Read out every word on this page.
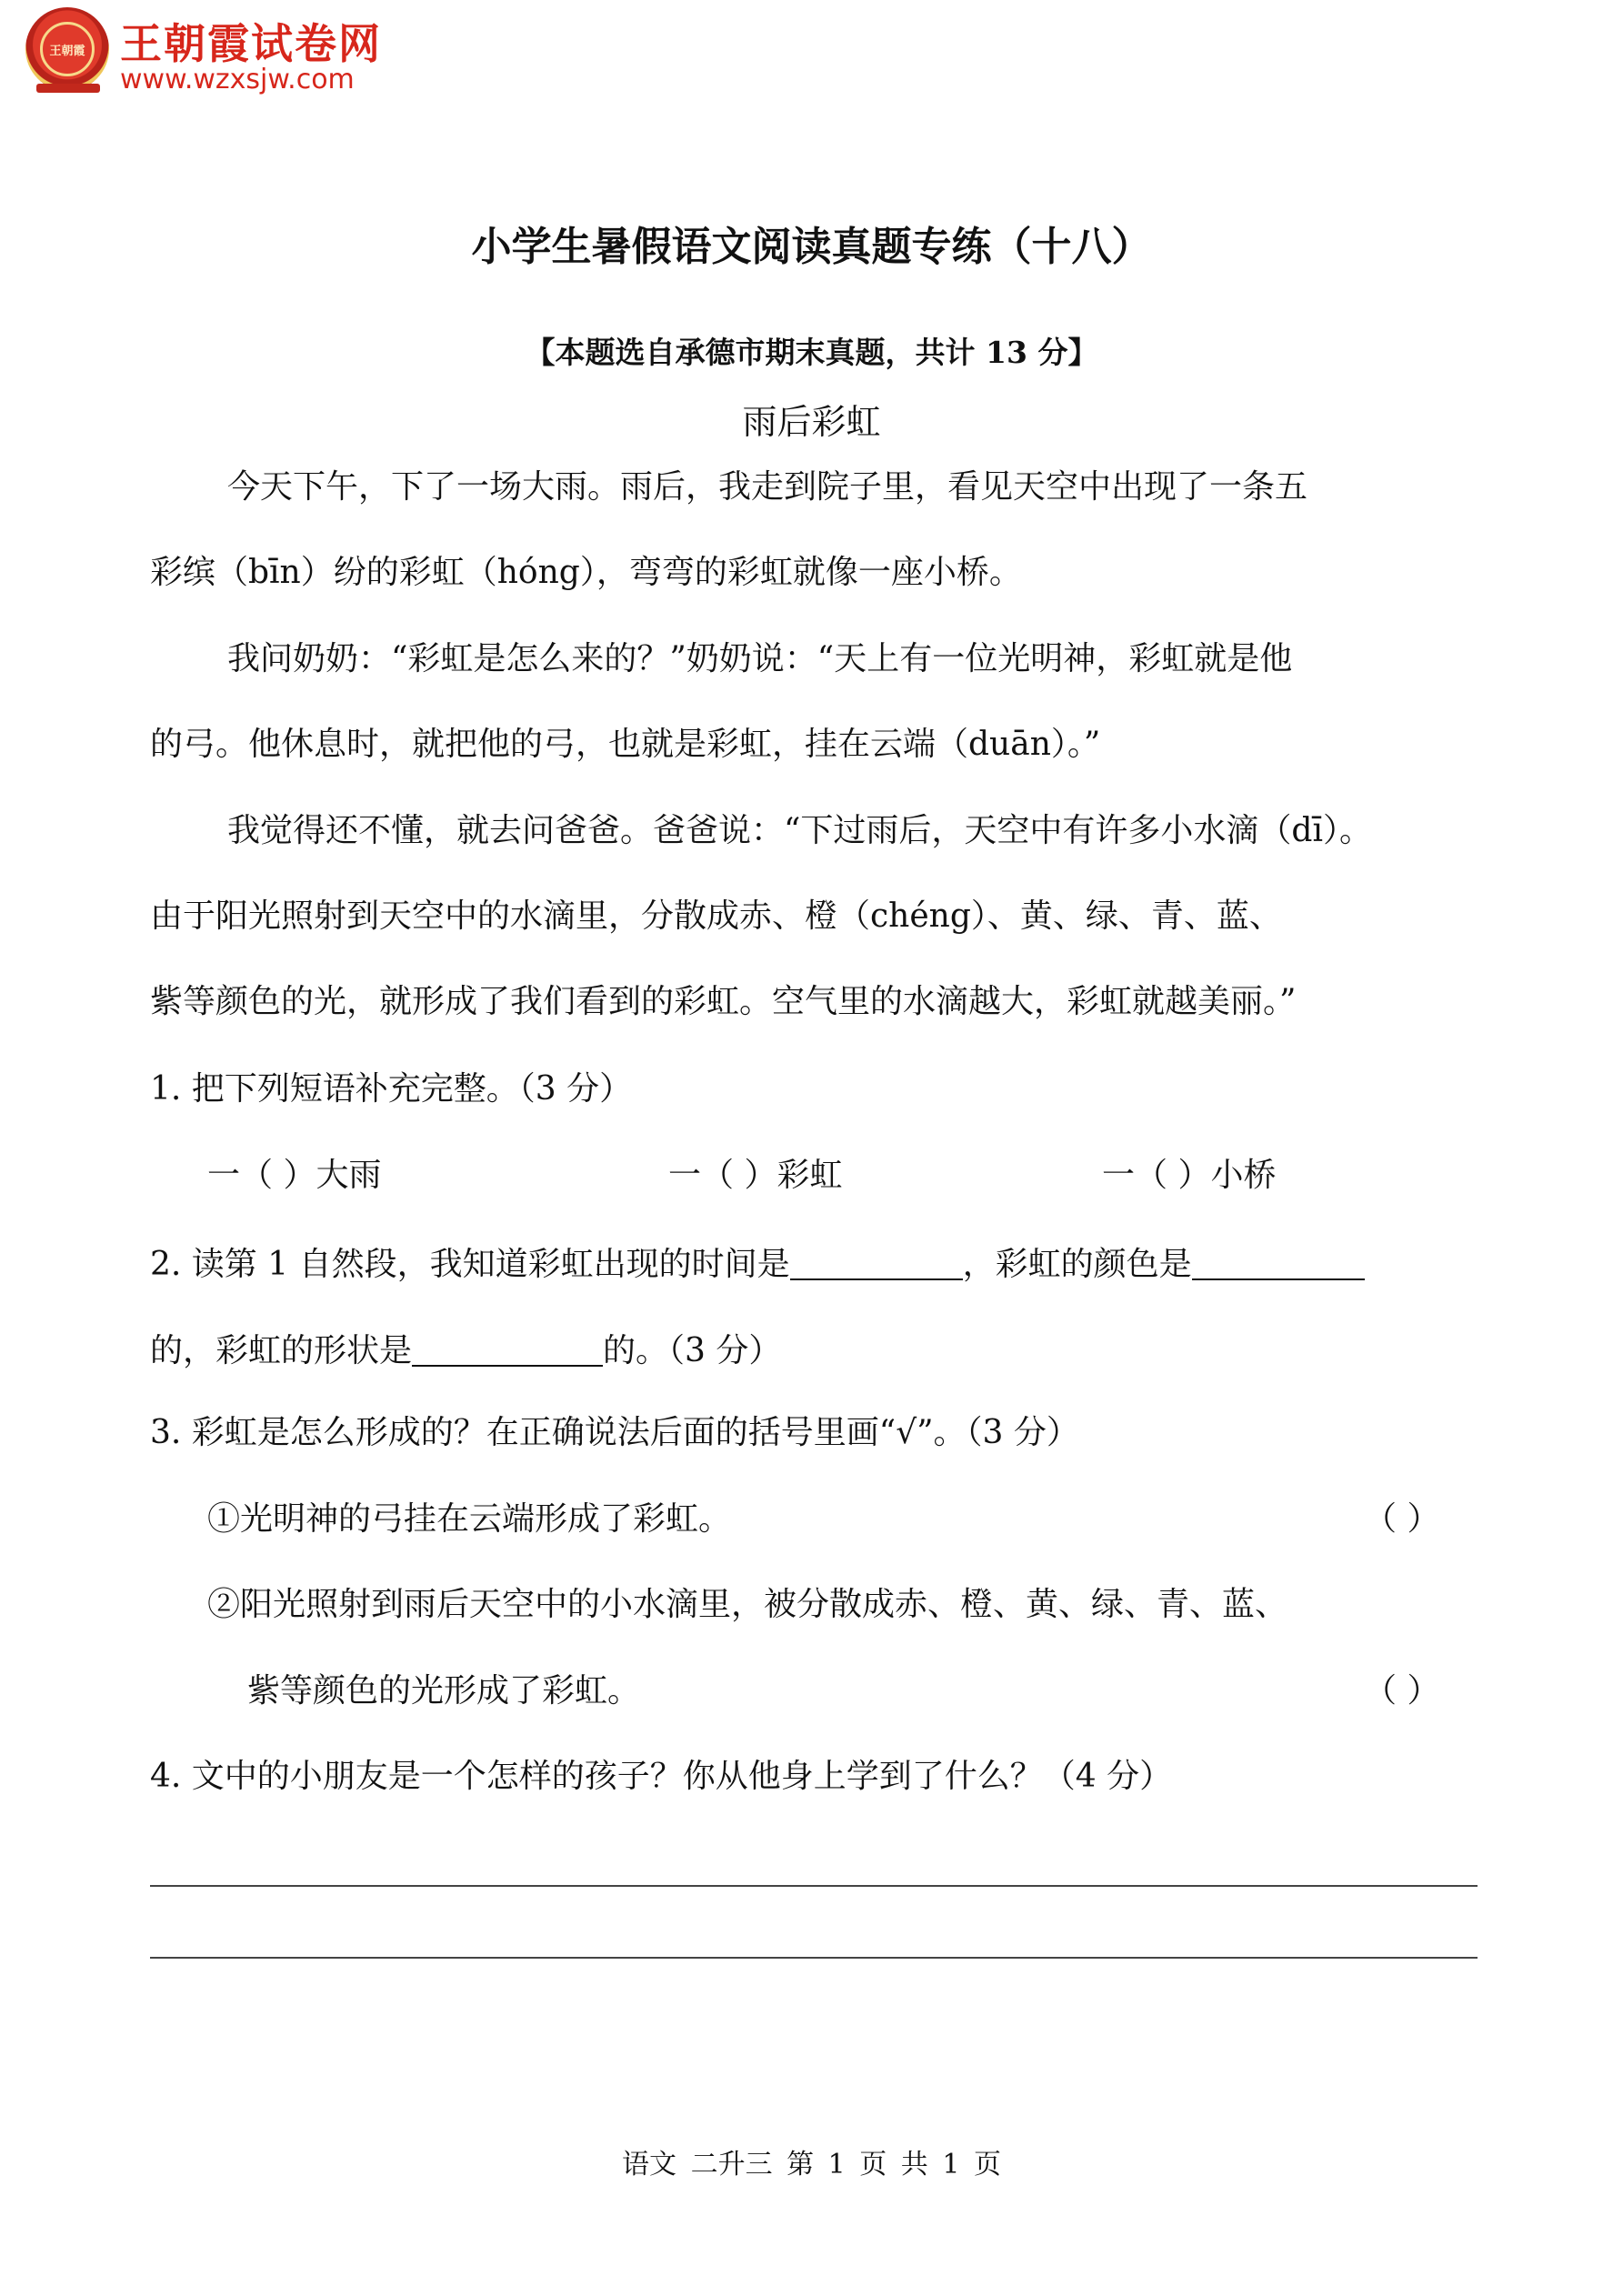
王朝霞 王朝霞试卷网
www.wzxsjw.com
小学生暑假语文阅读真题专练（十八）
【本题选自承德市期末真题，共计 13 分】
雨后彩虹
今天下午，下了一场大雨。雨后，我走到院子里，看见天空中出现了一条五
彩缤（bīn）纷的彩虹（hóng），弯弯的彩虹就像一座小桥。
我问奶奶：“彩虹是怎么来的？”奶奶说：“天上有一位光明神，彩虹就是他
的弓。他休息时，就把他的弓，也就是彩虹，挂在云端（duān）。”
我觉得还不懂，就去问爸爸。爸爸说：“下过雨后，天空中有许多小水滴（dī）。
由于阳光照射到天空中的水滴里，分散成赤、橙（chéng）、黄、绿、青、蓝、
紫等颜色的光，就形成了我们看到的彩虹。空气里的水滴越大，彩虹就越美丽。”
1. 把下列短语补充完整。（3 分）
一（ ）大雨	一（ ）彩虹	一（ ）小桥
2. 读第 1 自然段，我知道彩虹出现的时间是	，彩虹的颜色是
的，彩虹的形状是	的。（3 分）
3. 彩虹是怎么形成的？在正确说法后面的括号里画“√”。（3 分）
①光明神的弓挂在云端形成了彩虹。	（ ）
②阳光照射到雨后天空中的小水滴里，被分散成赤、橙、黄、绿、青、蓝、
紫等颜色的光形成了彩虹。	（ ）
4. 文中的小朋友是一个怎样的孩子？你从他身上学到了什么？（4 分）
语文 二升三 第 1 页 共 1 页
